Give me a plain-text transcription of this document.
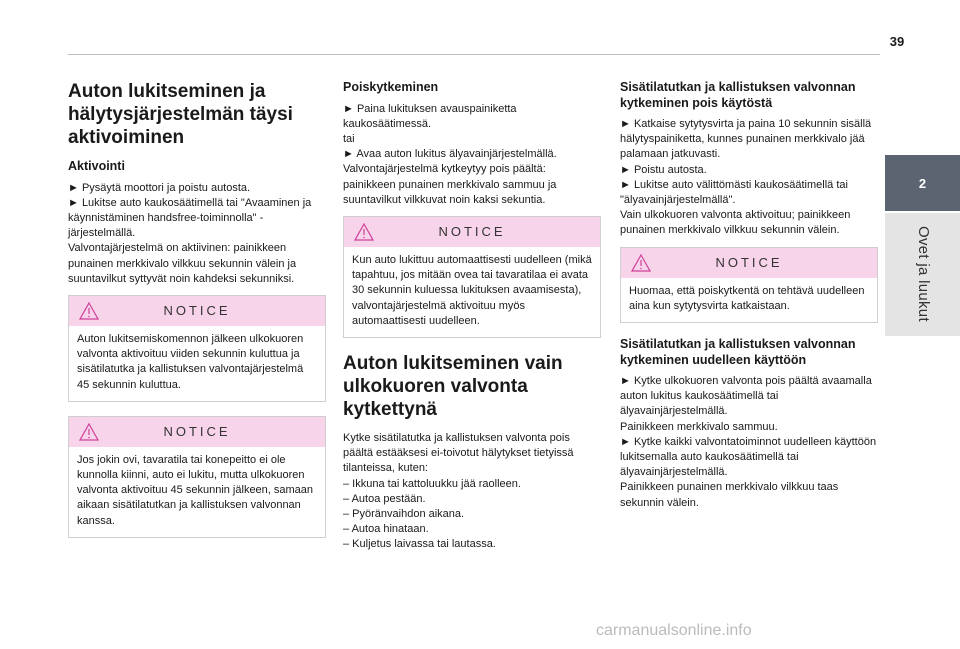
39
2
Ovet ja luukut
Auton lukitseminen ja hälytysjärjestelmän täysi aktivoiminen
Aktivointi

► Pysäytä moottori ja poistu autosta.
► Lukitse auto kaukosäätimellä tai "Avaaminen ja käynnistäminen handsfree-toiminnolla" -järjestelmällä.
Valvontajärjestelmä on aktiivinen: painikkeen punainen merkkivalo vilkkuu sekunnin välein ja suuntavilkut syttyvät noin kahdeksi sekunniksi.

NOTICE
Auton lukitsemiskomennon jälkeen ulkokuoren valvonta aktivoituu viiden sekunnin kuluttua ja sisätilatutka ja kallistuksen valvontajärjestelmä 45 sekunnin kuluttua.
NOTICE
Jos jokin ovi, tavaratila tai konepeitto ei ole kunnolla kiinni, auto ei lukitu, mutta ulkokuoren valvonta aktivoituu 45 sekunnin jälkeen, samaan aikaan sisätilatutkan ja kallistuksen valvonnan kanssa.
Poiskytkeminen

► Paina lukituksen avauspainiketta kaukosäätimessä.
tai
► Avaa auton lukitus älyavainjärjestelmällä.
Valvontajärjestelmä kytkeytyy pois päältä: painikkeen punainen merkkivalo sammuu ja suuntavilkut vilkkuvat noin kaksi sekuntia.

NOTICE
Kun auto lukittuu automaattisesti uudelleen (mikä tapahtuu, jos mitään ovea tai tavaratilaa ei avata 30 sekunnin kuluessa lukituksen avaamisesta), valvontajärjestelmä aktivoituu myös automaattisesti uudelleen.
Auton lukitseminen vain ulkokuoren valvonta kytkettynä

Kytke sisätilatutka ja kallistuksen valvonta pois päältä estääksesi ei-toivotut hälytykset tietyissä tilanteissa, kuten:
– Ikkuna tai kattoluukku jää raolleen.
– Autoa pestään.
– Pyöränvaihdon aikana.
– Autoa hinataan.
– Kuljetus laivassa tai lautassa.

Sisätilatutkan ja kallistuksen valvonnan kytkeminen pois käytöstä

► Katkaise sytytysvirta ja paina 10 sekunnin sisällä hälytyspainiketta, kunnes punainen merkkivalo jää palamaan jatkuvasti.
► Poistu autosta.
► Lukitse auto välittömästi kaukosäätimellä tai "älyavainjärjestelmällä".
Vain ulkokuoren valvonta aktivoituu; painikkeen punainen merkkivalo vilkkuu sekunnin välein.

NOTICE
Huomaa, että poiskytkentä on tehtävä uudelleen aina kun sytytysvirta katkaistaan.
Sisätilatutkan ja kallistuksen valvonnan kytkeminen uudelleen käyttöön

► Kytke ulkokuoren valvonta pois päältä avaamalla auton lukitus kaukosäätimellä tai älyavainjärjestelmällä.
Painikkeen merkkivalo sammuu.
► Kytke kaikki valvontatoiminnot uudelleen käyttöön lukitsemalla auto kaukosäätimellä tai älyavainjärjestelmällä.
Painikkeen punainen merkkivalo vilkkuu taas sekunnin välein.

carmanualsonline.info
